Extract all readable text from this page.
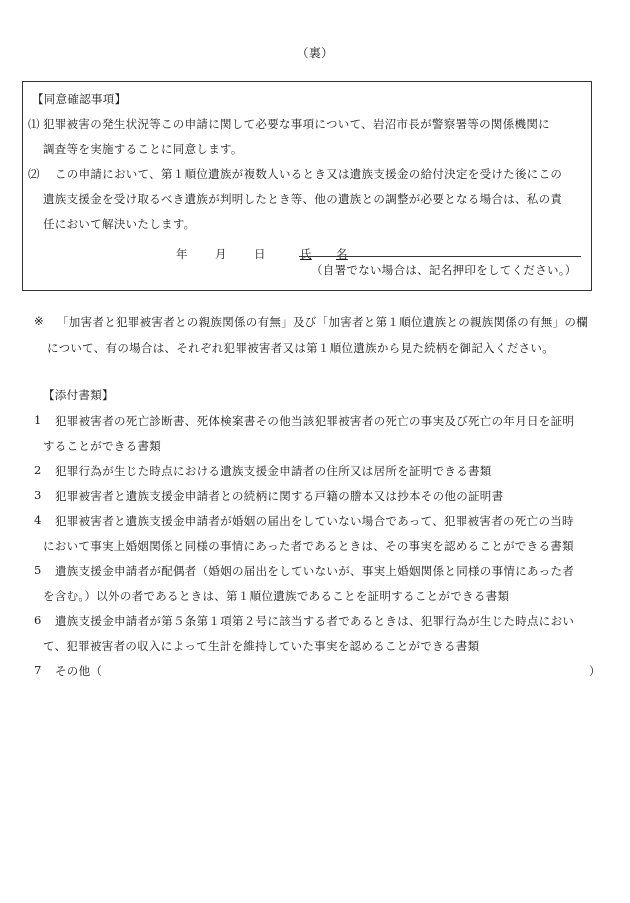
（裏）
【同意確認事項】
⑴ 犯罪被害の発生状況等この申請に関して必要な事項について、岩沼市長が警察署等の関係機関に
調査等を実施することに同意します。
⑵ この申請において、第１順位遺族が複数人いるとき又は遺族支援金の給付決定を受けた後にこの
遺族支援金を受け取るべき遺族が判明したとき等、他の遺族との調整が必要となる場合は、私の責
任において解決いたします。
年 月 日	氏 名
（自署でない場合は、記名押印をしてください。）
※ 「加害者と犯罪被害者との親族関係の有無」及び「加害者と第１順位遺族との親族関係の有無」の欄
について、有の場合は、それぞれ犯罪被害者又は第１順位遺族から見た続柄を御記入ください。
【添付書類】
1 犯罪被害者の死亡診断書、死体検案書その他当該犯罪被害者の死亡の事実及び死亡の年月日を証明
することができる書類
2 犯罪行為が生じた時点における遺族支援金申請者の住所又は居所を証明できる書類
3 犯罪被害者と遺族支援金申請者との続柄に関する戸籍の謄本又は抄本その他の証明書
4 犯罪被害者と遺族支援金申請者が婚姻の届出をしていない場合であって、犯罪被害者の死亡の当時
において事実上婚姻関係と同様の事情にあった者であるときは、その事実を認めることができる書類
5 遺族支援金申請者が配偶者（婚姻の届出をしていないが、事実上婚姻関係と同様の事情にあった者
を含む。）以外の者であるときは、第１順位遺族であることを証明することができる書類
6 遺族支援金申請者が第５条第１項第２号に該当する者であるときは、犯罪行為が生じた時点におい
て、犯罪被害者の収入によって生計を維持していた事実を認めることができる書類
7 その他（	）
